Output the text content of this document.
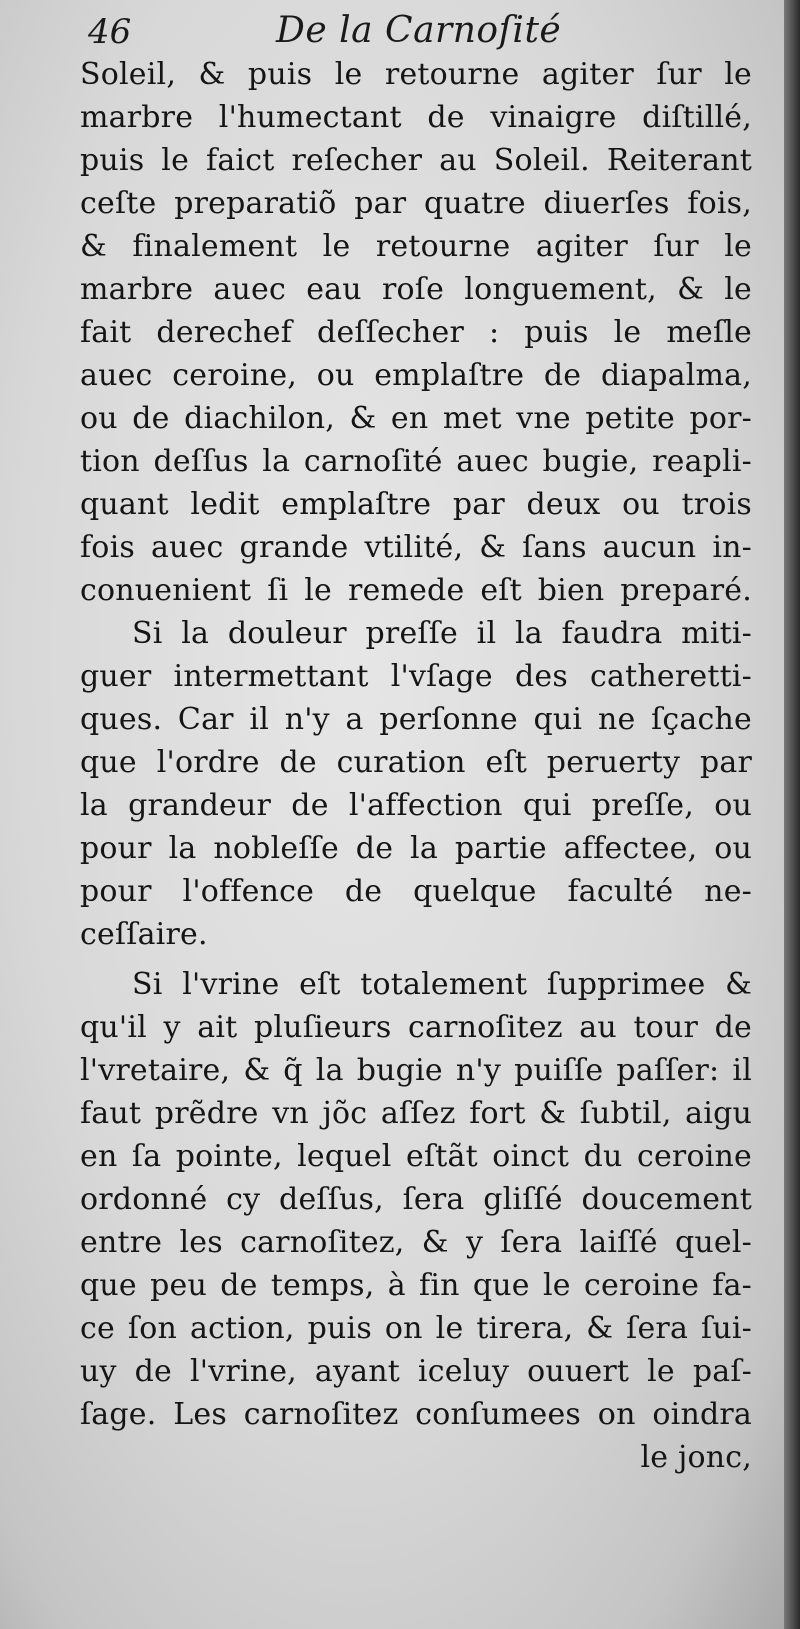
46	De la Carnoſité
Soleil, & puis le retourne agiter ſur le
marbre l'humectant de vinaigre diſtillé,
puis le faict reſecher au Soleil. Reiterant
ceſte preparatiõ par quatre diuerſes fois,
& finalement le retourne agiter ſur le
marbre auec eau roſe longuement, & le
fait derechef deſſecher : puis le meſle
auec ceroine, ou emplaſtre de diapalma,
ou de diachilon, & en met vne petite por-
tion deſſus la carnoſité auec bugie, reapli-
quant ledit emplaſtre par deux ou trois
fois auec grande vtilité, & ſans aucun in-
conuenient ſi le remede eſt bien preparé.
Si la douleur preſſe il la faudra miti-
guer intermettant l'vſage des catheretti-
ques. Car il n'y a perſonne qui ne ſçache
que l'ordre de curation eſt peruerty par
la grandeur de l'affection qui preſſe, ou
pour la nobleſſe de la partie affectee, ou
pour l'offence de quelque faculté ne-
ceſſaire.
Si l'vrine eſt totalement ſupprimee &
qu'il y ait pluſieurs carnoſitez au tour de
l'vretaire, & q̃ la bugie n'y puiſſe paſſer: il
faut prẽdre vn jõc aſſez fort & ſubtil, aigu
en ſa pointe, lequel eſtãt oinct du ceroine
ordonné cy deſſus, ſera gliſſé doucement
entre les carnoſitez, & y ſera laiſſé quel-
que peu de temps, à fin que le ceroine fa-
ce ſon action, puis on le tirera, & ſera ſui-
uy de l'vrine, ayant iceluy ouuert le paſ-
ſage. Les carnoſitez conſumees on oindra
le jonc,
